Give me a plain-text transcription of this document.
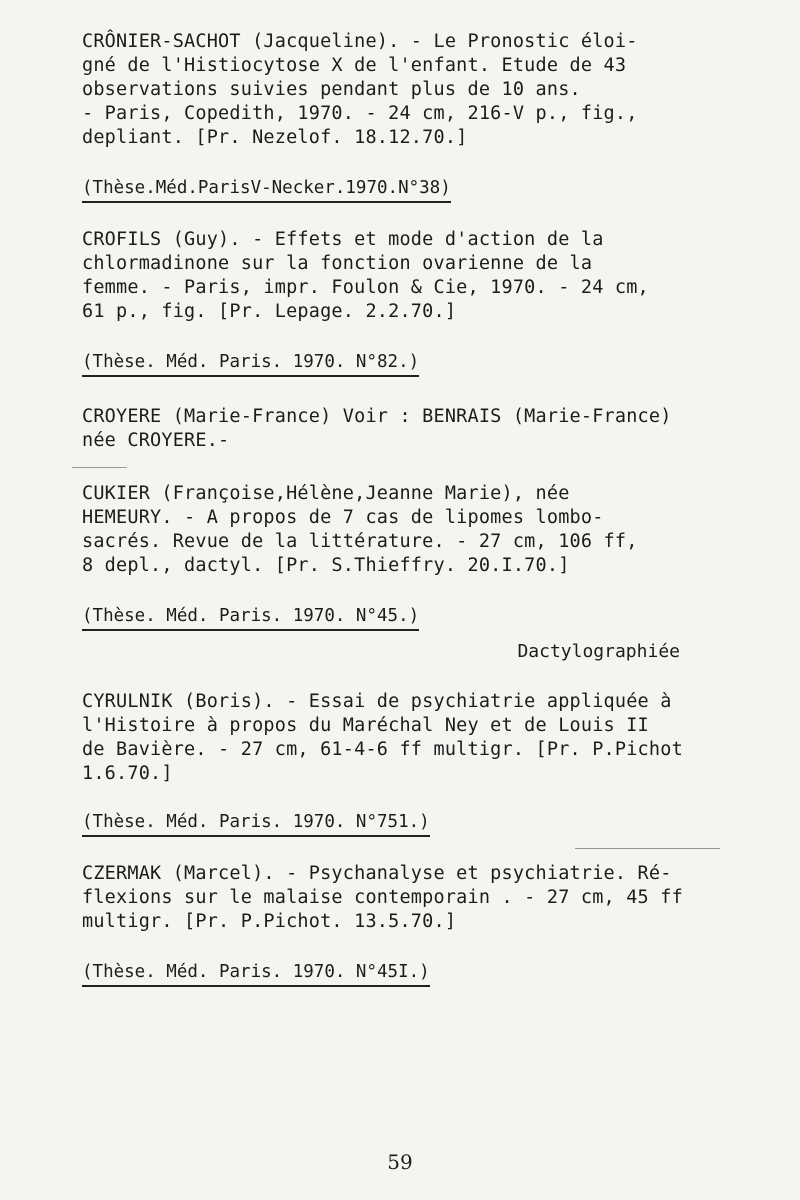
CRÔNIER-SACHOT (Jacqueline). - Le Pronostic éloi-
gné de l'Histiocytose X de l'enfant. Etude de 43
observations suivies pendant plus de 10 ans.
- Paris, Copedith, 1970. - 24 cm, 216-V p., fig.,
depliant. [Pr. Nezelof. 18.12.70.]
(Thèse.Méd.ParisV-Necker.1970.N°38)
CROFILS (Guy). - Effets et mode d'action de la
chlormadinone sur la fonction ovarienne de la
femme. - Paris, impr. Foulon & Cie, 1970. - 24 cm,
61 p., fig. [Pr. Lepage. 2.2.70.]
(Thèse. Méd. Paris. 1970. N°82.)
CROYERE (Marie-France) Voir : BENRAIS (Marie-France)
née CROYERE.-
CUKIER (Françoise,Hélène,Jeanne Marie), née
HEMEURY. - A propos de 7 cas de lipomes lombo-
sacrés. Revue de la littérature. - 27 cm, 106 ff,
8 depl., dactyl. [Pr. S.Thieffry. 20.I.70.]
(Thèse. Méd. Paris. 1970. N°45.)
Dactylographiée
CYRULNIK (Boris). - Essai de psychiatrie appliquée à
l'Histoire à propos du Maréchal Ney et de Louis II
de Bavière. - 27 cm, 61-4-6 ff multigr. [Pr. P.Pichot
1.6.70.]
(Thèse. Méd. Paris. 1970. N°751.)
CZERMAK (Marcel). - Psychanalyse et psychiatrie. Ré-
flexions sur le malaise contemporain . - 27 cm, 45 ff
multigr. [Pr. P.Pichot. 13.5.70.]
(Thèse. Méd. Paris. 1970. N°45I.)
59
